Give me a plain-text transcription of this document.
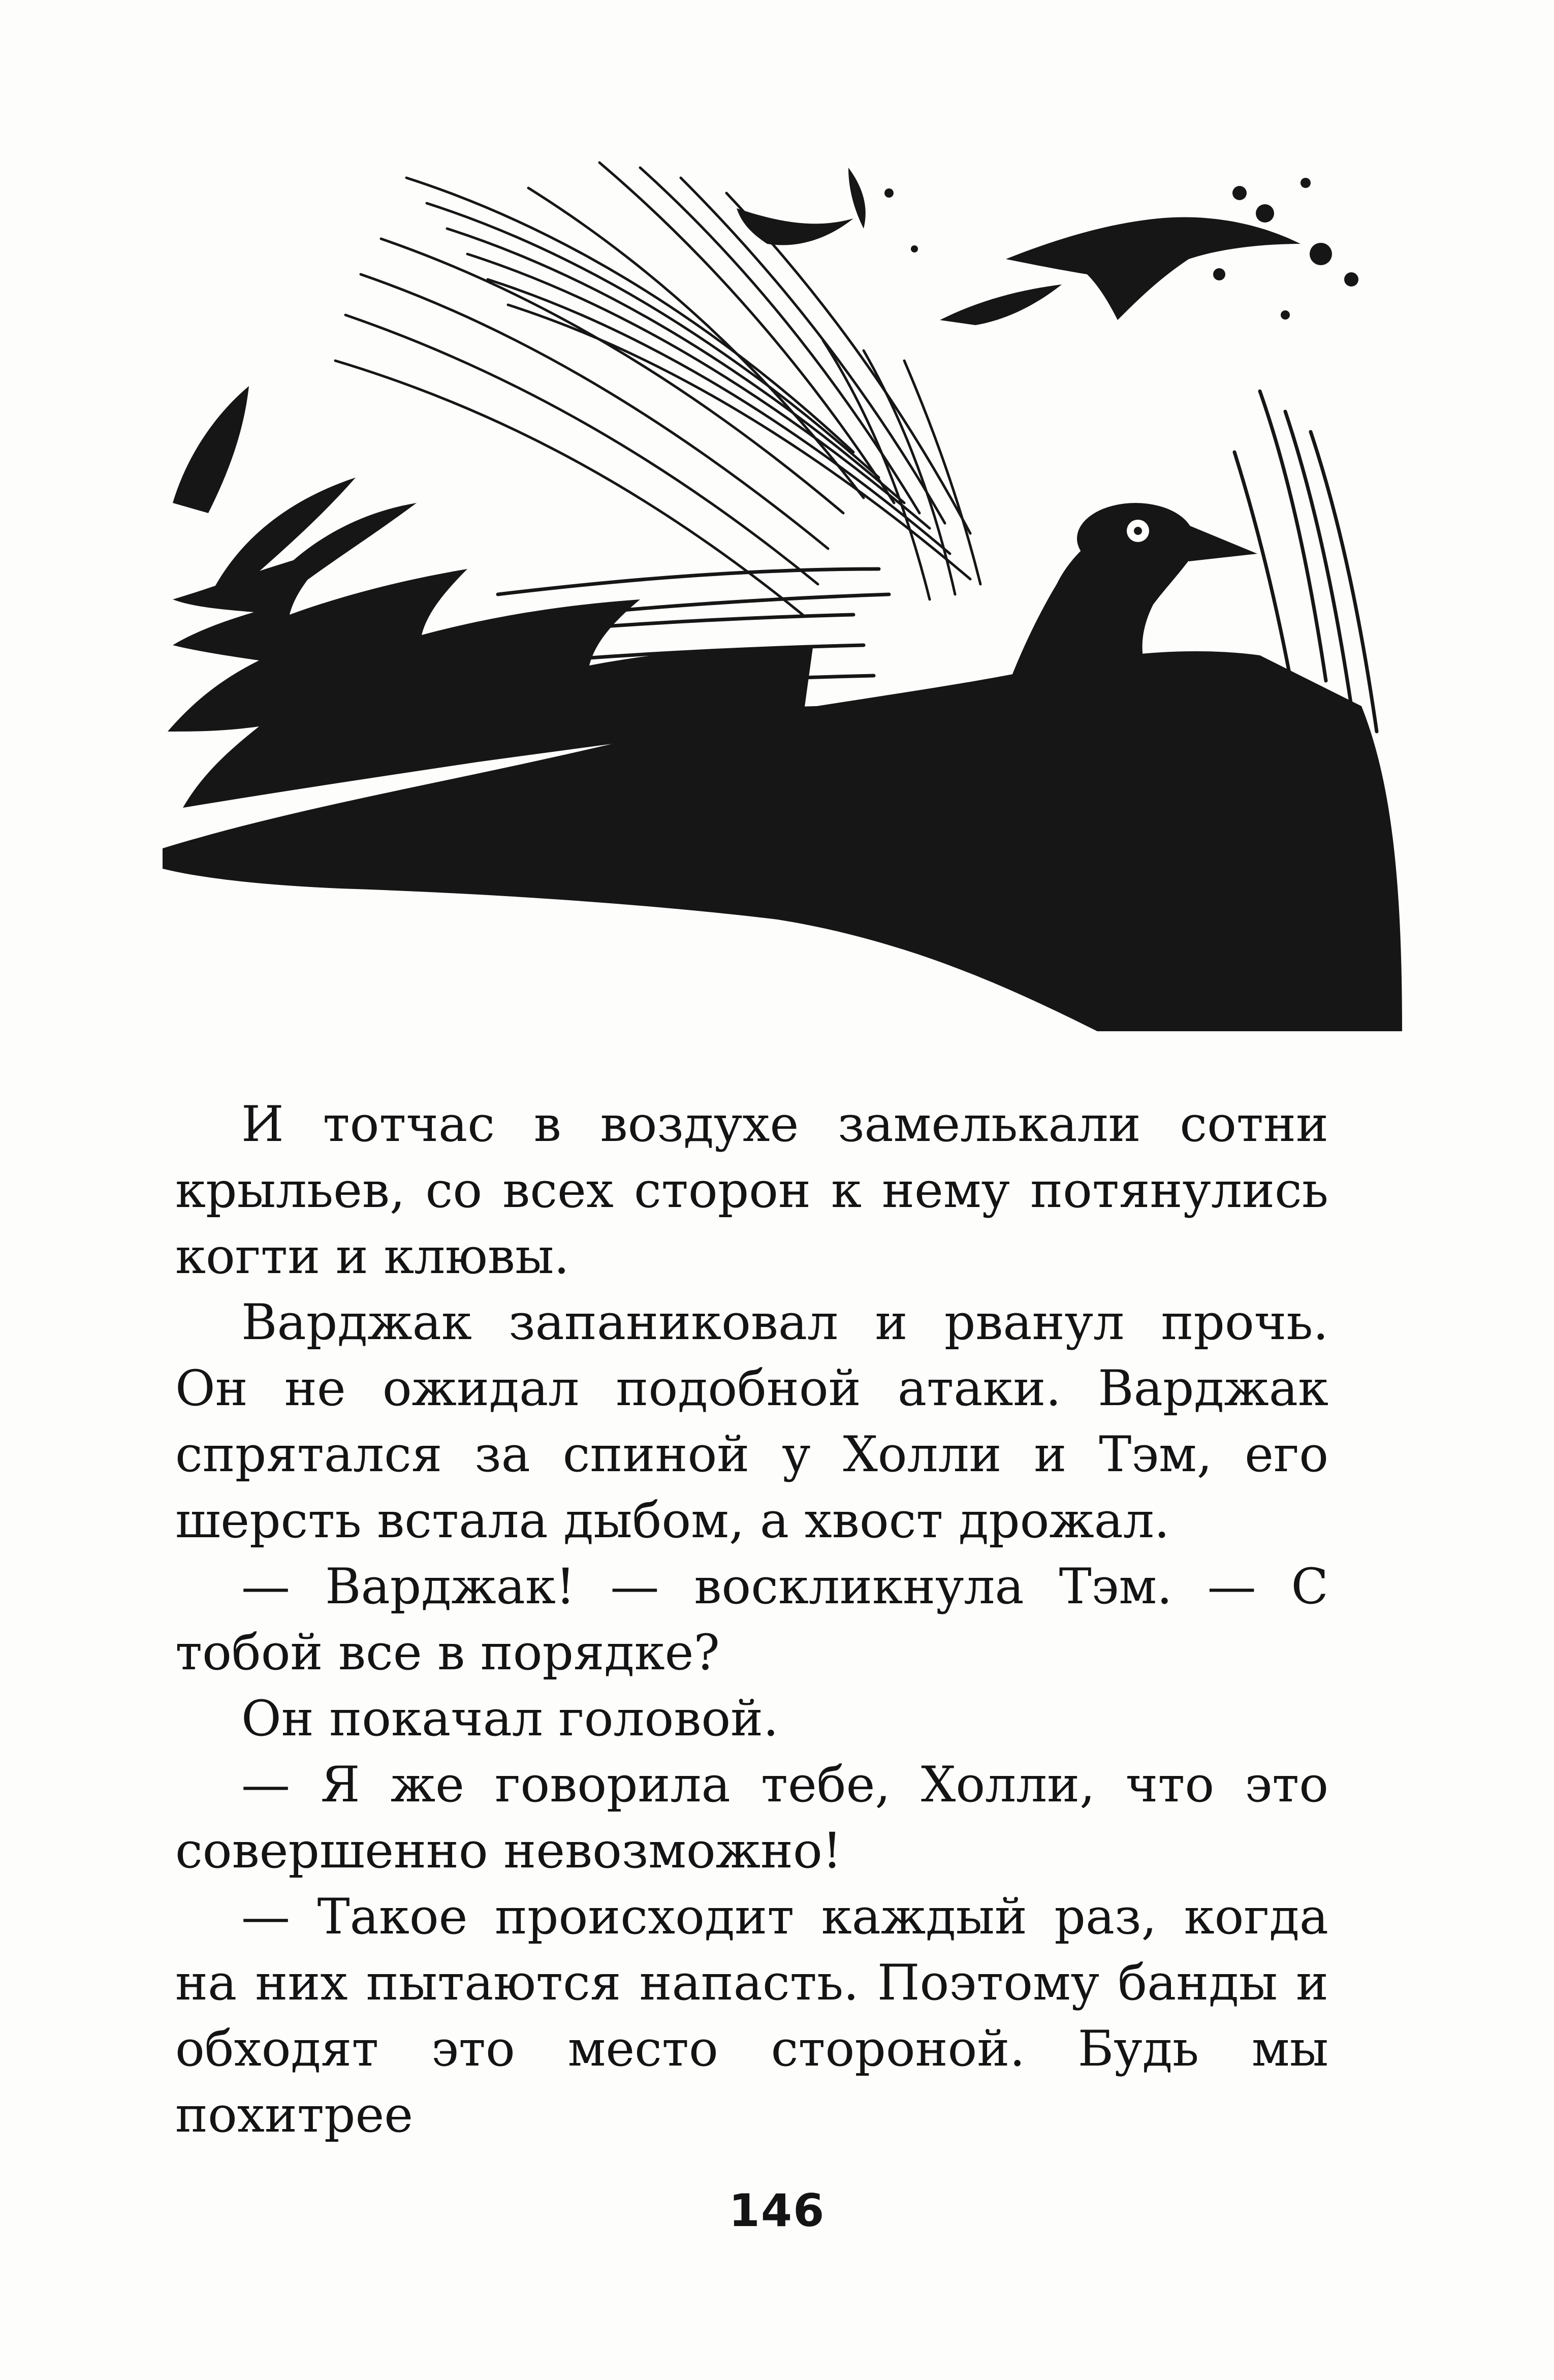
И тотчас в воздухе замелькали сотни крыльев, со всех сторон к нему потянулись когти и клювы.

Варджак запаниковал и рванул прочь. Он не ожидал подобной атаки. Варджак спрятался за спиной у Холли и Тэм, его шерсть встала дыбом, а хвост дрожал.

— Варджак! — воскликнула Тэм. — С тобой все в порядке?

Он покачал головой.

— Я же говорила тебе, Холли, что это совершенно невозможно!

— Такое происходит каждый раз, когда на них пытаются напасть. Поэтому банды и обходят это место стороной. Будь мы похитрее

146
